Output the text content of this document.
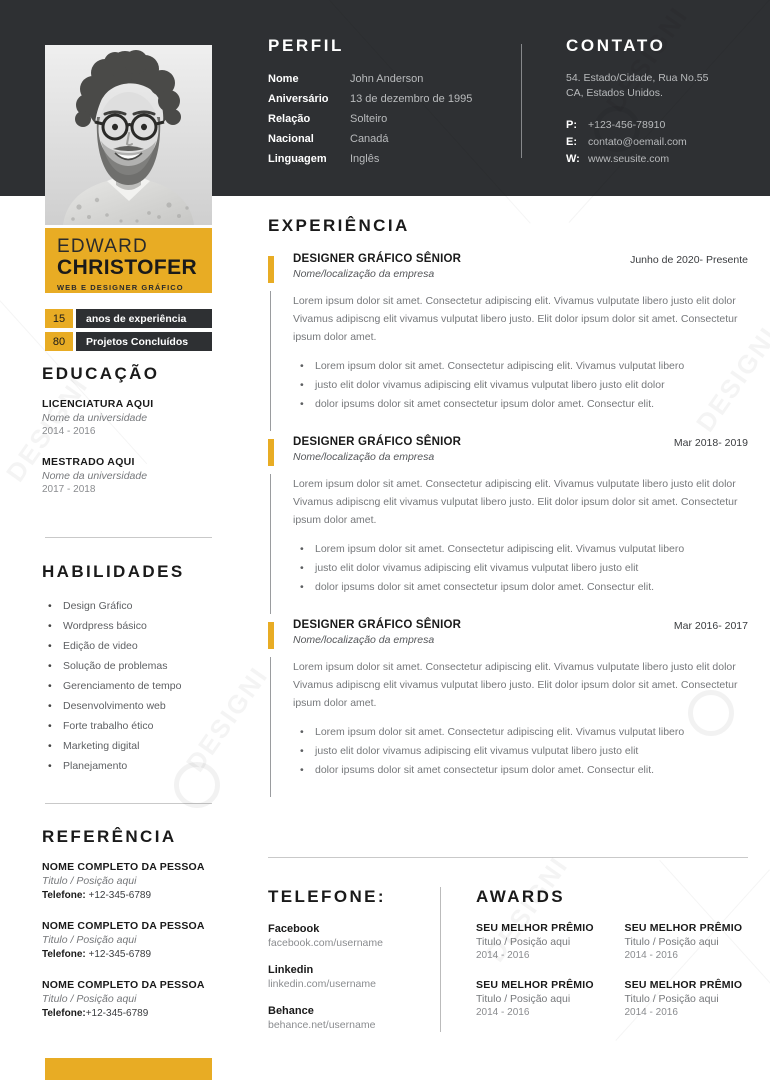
PERFIL
Nome	John Anderson
Aniversário	13 de dezembro de 1995
Relação	Solteiro
Nacional	Canadá
Linguagem	Inglês
CONTATO
54. Estado/Cidade, Rua No.55
CA, Estados Unidos.
P:	+123-456-78910
E:	contato@oemail.com
W: www.seusite.com
EDWARD
CHRISTOFER
WEB E DESIGNER GRÁFICO
15	anos de experiência
80	Projetos Concluídos
EDUCAÇÃO
LICENCIATURA AQUI
Nome da universidade
2014 - 2016
MESTRADO AQUI
Nome da universidade
2017 - 2018
HABILIDADES
• Design Gráfico
• Wordpress básico
• Edição de video
• Solução de problemas
• Gerenciamento de tempo
• Desenvolvimento web
• Forte trabalho ético
• Marketing digital
• Planejamento
REFERÊNCIA
NOME COMPLETO DA PESSOA
Titulo / Posição aqui
Telefone: +12-345-6789
NOME COMPLETO DA PESSOA
Titulo / Posição aqui
Telefone: +12-345-6789
NOME COMPLETO DA PESSOA
Titulo / Posição aqui
Telefone:+12-345-6789
EXPERIÊNCIA
DESIGNER GRÁFICO SÊNIOR	Junho de 2020- Presente
Nome/localização da empresa
Lorem ipsum dolor sit amet. Consectetur adipiscing elit. Vivamus vulputate libero justo elit dolor Vivamus adipiscng elit vivamus vulputat libero justo. Elit dolor ipsum dolor sit amet. Consectetur ipsum dolor amet.
• Lorem ipsum dolor sit amet. Consectetur adipiscing elit. Vivamus vulputat libero
• justo elit dolor vivamus adipiscing elit vivamus vulputat libero justo elit dolor
• dolor ipsums dolor sit amet consectetur ipsum dolor amet. Consectur elit.
DESIGNER GRÁFICO SÊNIOR	Mar 2018- 2019
Nome/localização da empresa
Lorem ipsum dolor sit amet. Consectetur adipiscing elit. Vivamus vulputate libero justo elit dolor Vivamus adipiscng elit vivamus vulputat libero justo. Elit dolor ipsum dolor sit amet. Consectetur ipsum dolor amet.
• Lorem ipsum dolor sit amet. Consectetur adipiscing elit. Vivamus vulputat libero
• justo elit dolor vivamus adipiscing elit vivamus vulputat libero justo elit
• dolor ipsums dolor sit amet consectetur ipsum dolor amet. Consectur elit.
DESIGNER GRÁFICO SÊNIOR	Mar 2016- 2017
Nome/localização da empresa
Lorem ipsum dolor sit amet. Consectetur adipiscing elit. Vivamus vulputate libero justo elit dolor Vivamus adipiscng elit vivamus vulputat libero justo. Elit dolor ipsum dolor sit amet. Consectetur ipsum dolor amet.
• Lorem ipsum dolor sit amet. Consectetur adipiscing elit. Vivamus vulputat libero
• justo elit dolor vivamus adipiscing elit vivamus vulputat libero justo elit
• dolor ipsums dolor sit amet consectetur ipsum dolor amet. Consectur elit.
TELEFONE:
Facebook
facebook.com/username
Linkedin
linkedin.com/username
Behance
behance.net/username
AWARDS
SEU MELHOR PRÊMIO
Titulo / Posição aqui
2014 - 2016
SEU MELHOR PRÊMIO
Titulo / Posição aqui
2014 - 2016
SEU MELHOR PRÊMIO
Titulo / Posição aqui
2014 - 2016
SEU MELHOR PRÊMIO
Titulo / Posição aqui
2014 - 2016
